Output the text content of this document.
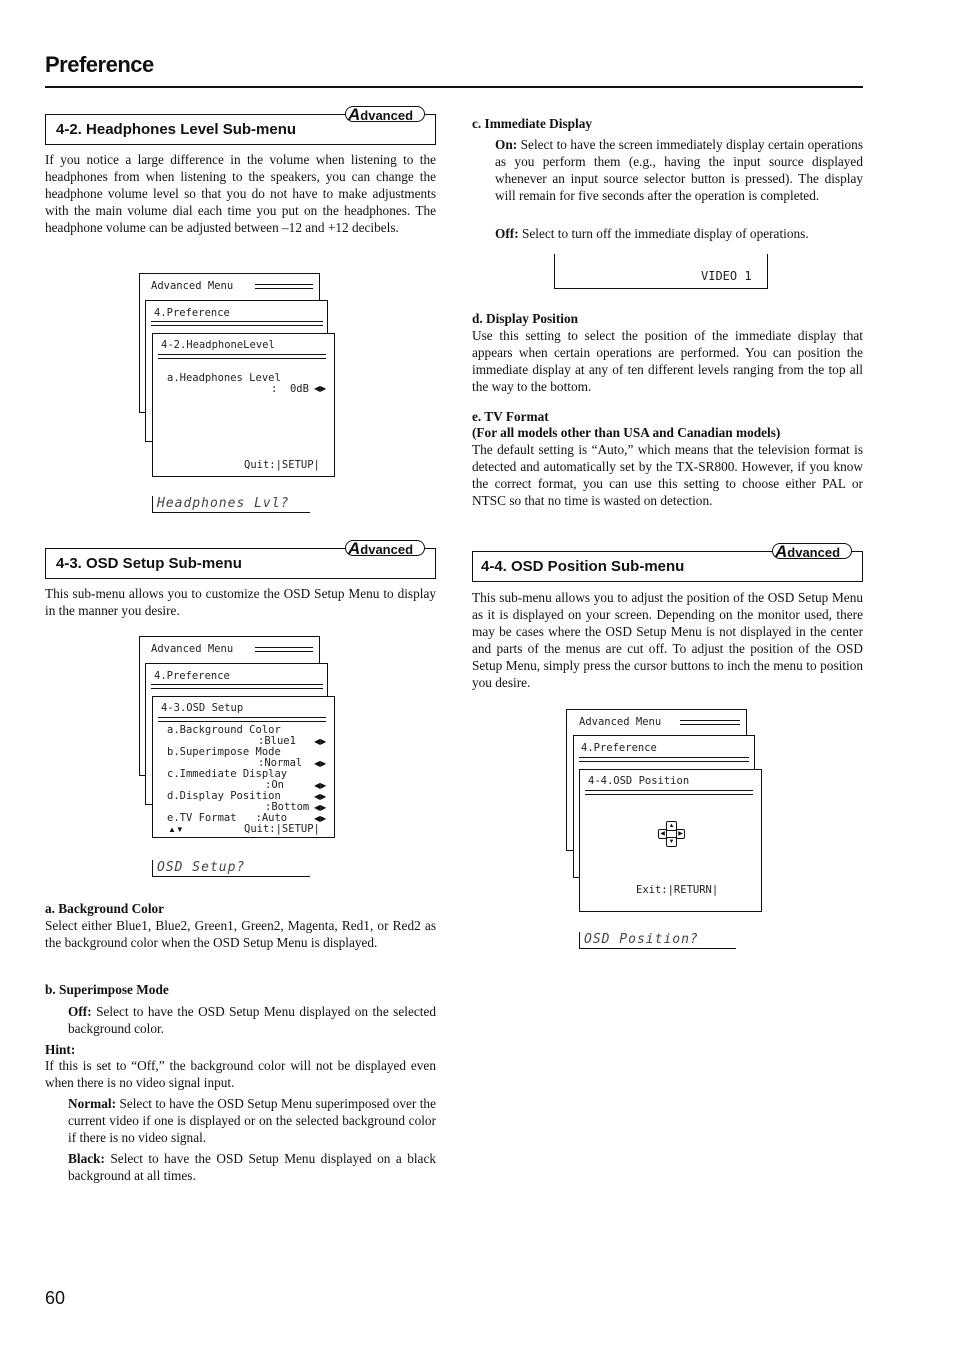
Preference
4-2. Headphones Level Sub-menu
Advanced
If you notice a large difference in the volume when listening to the headphones from when listening to the speakers, you can change the headphone volume level so that you do not have to make adjustments with the main volume dial each time you put on the headphones. The headphone volume can be adjusted between –12 and +12 decibels.
Advanced Menu
4.Preference
4-2.HeadphoneLevel
a.Headphones Level
:  0dB ◀▶
Quit:|SETUP|
Headphones Lvl?
4-3. OSD Setup Sub-menu
Advanced
This sub-menu allows you to customize the OSD Setup Menu to display in the manner you desire.
Advanced Menu
4.Preference
4-3.OSD Setup
a.Background Color
:Blue1 ◀▶
b.Superimpose Mode
:Normal ◀▶
c.Immediate Display
:On	◀▶
d.Display Position	◀▶
:Bottom ◀▶
e.TV Format   :Auto	◀▶
▲▼	Quit:|SETUP|
OSD Setup?
a. Background Color
Select either Blue1, Blue2, Green1, Green2, Magenta, Red1, or Red2 as the background color when the OSD Setup Menu is displayed.
b. Superimpose Mode
Off: Select to have the OSD Setup Menu displayed on the selected background color.
Hint:
If this is set to “Off,” the background color will not be displayed even when there is no video signal input.
Normal: Select to have the OSD Setup Menu superimposed over the current video if one is displayed or on the selected background color if there is no video signal.
Black: Select to have the OSD Setup Menu displayed on a black background at all times.
c. Immediate Display
On: Select to have the screen immediately display certain operations as you perform them (e.g., having the input source displayed whenever an input source selector button is pressed). The display will remain for five seconds after the operation is completed.
Off: Select to turn off the immediate display of operations.
VIDEO 1
d. Display Position
Use this setting to select the position of the immediate display that appears when certain operations are performed. You can position the immediate display at any of ten different levels ranging from the top all the way to the bottom.
e. TV Format
(For all models other than USA and Canadian models)
The default setting is “Auto,” which means that the television format is detected and automatically set by the TX-SR800. However, if you know the correct format, you can use this setting to choose either PAL or NTSC so that no time is wasted on detection.
4-4. OSD Position Sub-menu
Advanced
This sub-menu allows you to adjust the position of the OSD Setup Menu as it is displayed on your screen. Depending on the monitor used, there may be cases where the OSD Setup Menu is not displayed in the center and parts of the menus are cut off. To adjust the position of the OSD Setup Menu, simply press the cursor buttons to inch the menu to position you desire.
Advanced Menu
4.Preference
4-4.OSD Position
▲
◀	▶
▼
Exit:|RETURN|
OSD Position?
60
